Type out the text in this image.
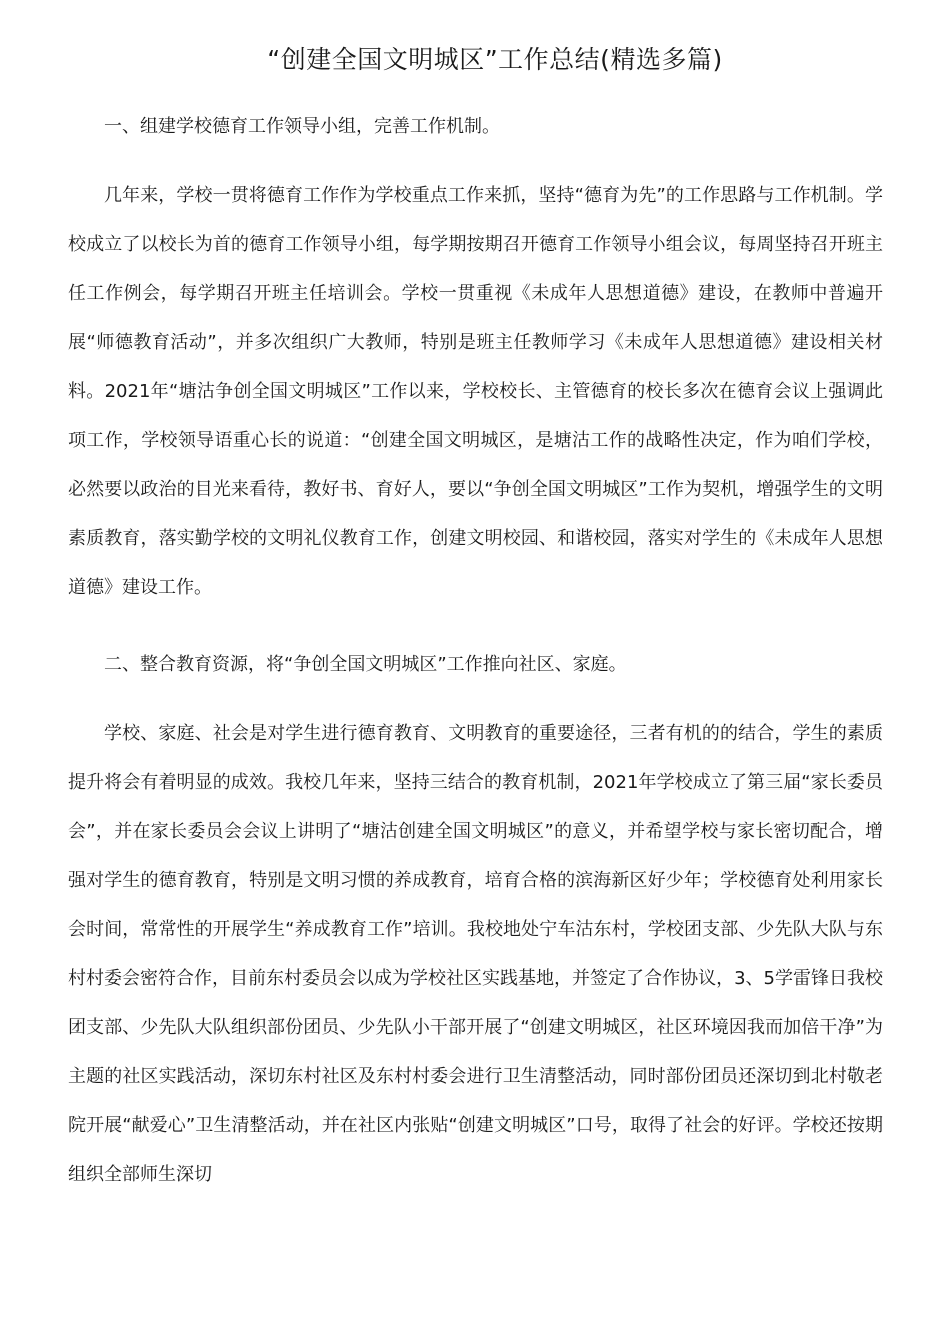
“创建全国文明城区”工作总结(精选多篇)
一、组建学校德育工作领导小组，完善工作机制。
几年来，学校一贯将德育工作作为学校重点工作来抓，坚持“德育为先”的工作思路与工作机制。学校成立了以校长为首的德育工作领导小组，每学期按期召开德育工作领导小组会议，每周坚持召开班主任工作例会，每学期召开班主任培训会。学校一贯重视《未成年人思想道德》建设，在教师中普遍开展“师德教育活动”，并多次组织广大教师，特别是班主任教师学习《未成年人思想道德》建设相关材料。2021年“塘沽争创全国文明城区”工作以来，学校校长、主管德育的校长多次在德育会议上强调此项工作，学校领导语重心长的说道：“创建全国文明城区，是塘沽工作的战略性决定，作为咱们学校，必然要以政治的目光来看待，教好书、育好人，要以“争创全国文明城区”工作为契机，增强学生的文明素质教育，落实勤学校的文明礼仪教育工作，创建文明校园、和谐校园，落实对学生的《未成年人思想道德》建设工作。
二、整合教育资源，将“争创全国文明城区”工作推向社区、家庭。
学校、家庭、社会是对学生进行德育教育、文明教育的重要途径，三者有机的的结合，学生的素质提升将会有着明显的成效。我校几年来，坚持三结合的教育机制，2021年学校成立了第三届“家长委员会”，并在家长委员会会议上讲明了“塘沽创建全国文明城区”的意义，并希望学校与家长密切配合，增强对学生的德育教育，特别是文明习惯的养成教育，培育合格的滨海新区好少年；学校德育处利用家长会时间，常常性的开展学生“养成教育工作”培训。我校地处宁车沽东村，学校团支部、少先队大队与东村村委会密符合作，目前东村委员会以成为学校社区实践基地，并签定了合作协议，3、5学雷锋日我校团支部、少先队大队组织部份团员、少先队小干部开展了“创建文明城区，社区环境因我而加倍干净”为主题的社区实践活动，深切东村社区及东村村委会进行卫生清整活动，同时部份团员还深切到北村敬老院开展“献爱心”卫生清整活动，并在社区内张贴“创建文明城区”口号，取得了社会的好评。学校还按期组织全部师生深切
